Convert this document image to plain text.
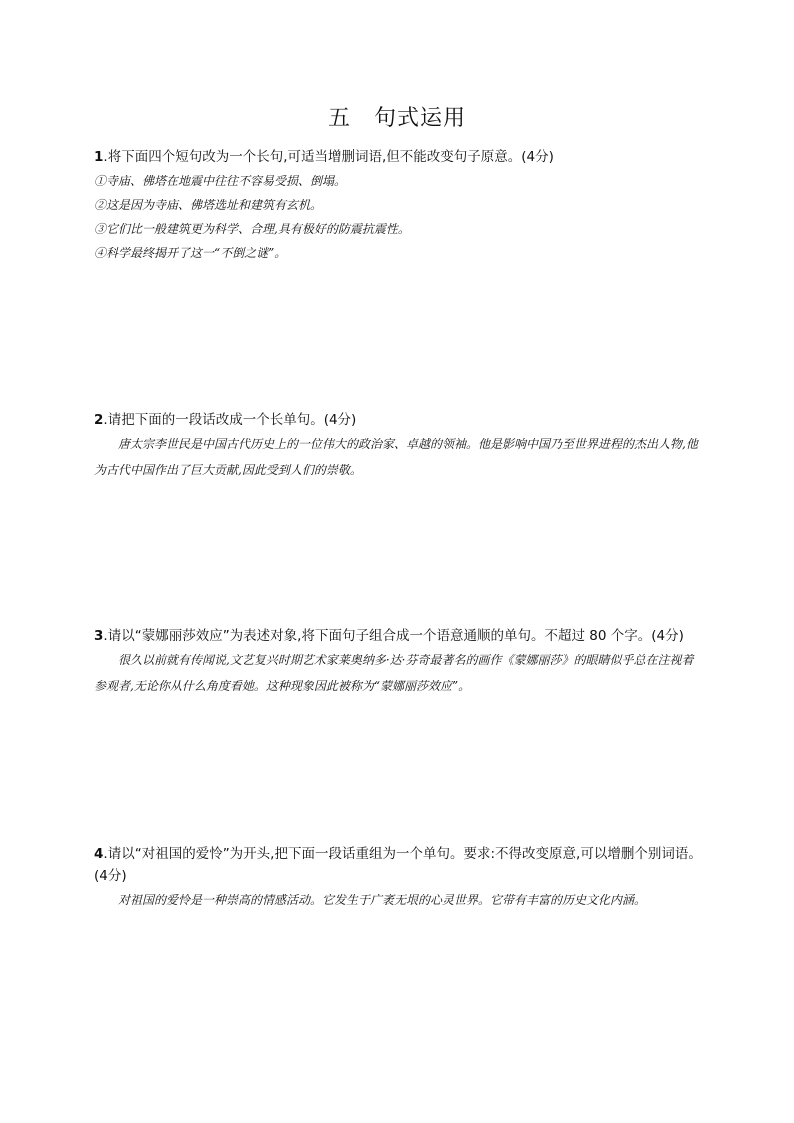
五　句式运用
1.将下面四个短句改为一个长句,可适当增删词语,但不能改变句子原意。(4分)
①寺庙、佛塔在地震中往往不容易受损、倒塌。
②这是因为寺庙、佛塔选址和建筑有玄机。
③它们比一般建筑更为科学、合理,具有极好的防震抗震性。
④科学最终揭开了这一“不倒之谜”。
2.请把下面的一段话改成一个长单句。(4分)
唐太宗李世民是中国古代历史上的一位伟大的政治家、卓越的领袖。他是影响中国乃至世界进程的杰出人物,他为古代中国作出了巨大贡献,因此受到人们的崇敬。
3.请以“蒙娜丽莎效应”为表述对象,将下面句子组合成一个语意通顺的单句。不超过 80 个字。(4分)
很久以前就有传闻说,文艺复兴时期艺术家莱奥纳多·达·芬奇最著名的画作《蒙娜丽莎》的眼睛似乎总在注视着参观者,无论你从什么角度看她。这种现象因此被称为“蒙娜丽莎效应”。
4.请以“对祖国的爱怜”为开头,把下面一段话重组为一个单句。要求:不得改变原意,可以增删个别词语。(4分)
对祖国的爱怜是一种崇高的情感活动。它发生于广袤无垠的心灵世界。它带有丰富的历史文化内涵。
